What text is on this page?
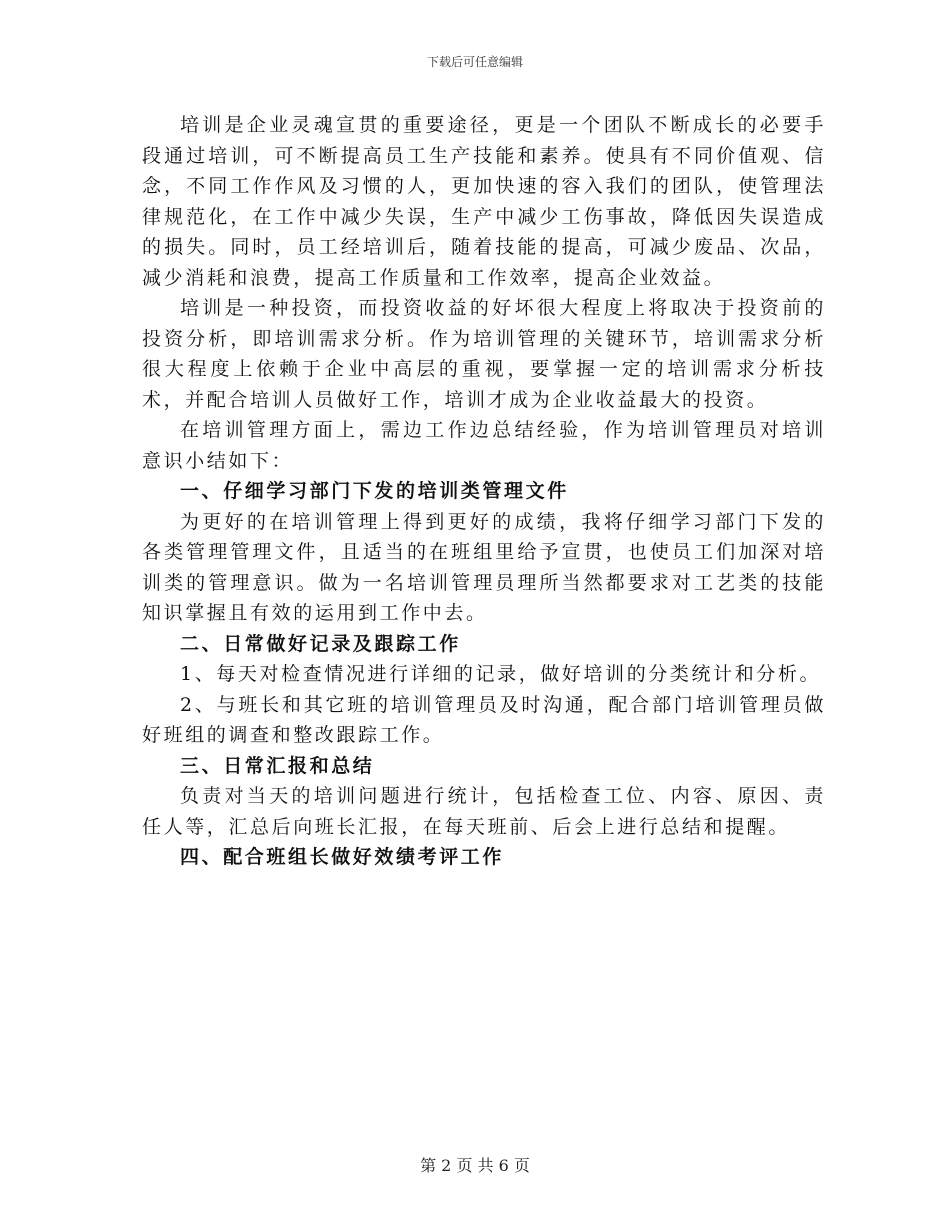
下载后可任意编辑

培训是企业灵魂宣贯的重要途径，更是一个团队不断成长的必要手段通过培训，可不断提高员工生产技能和素养。使具有不同价值观、信念，不同工作作风及习惯的人，更加快速的容入我们的团队，使管理法律规范化，在工作中减少失误，生产中减少工伤事故，降低因失误造成的损失。同时，员工经培训后，随着技能的提高，可减少废品、次品，减少消耗和浪费，提高工作质量和工作效率，提高企业效益。

培训是一种投资，而投资收益的好坏很大程度上将取决于投资前的投资分析，即培训需求分析。作为培训管理的关键环节，培训需求分析很大程度上依赖于企业中高层的重视，要掌握一定的培训需求分析技术，并配合培训人员做好工作，培训才成为企业收益最大的投资。

在培训管理方面上，需边工作边总结经验，作为培训管理员对培训意识小结如下：

一、仔细学习部门下发的培训类管理文件

为更好的在培训管理上得到更好的成绩，我将仔细学习部门下发的各类管理管理文件，且适当的在班组里给予宣贯，也使员工们加深对培训类的管理意识。做为一名培训管理员理所当然都要求对工艺类的技能知识掌握且有效的运用到工作中去。

二、日常做好记录及跟踪工作

1、每天对检查情况进行详细的记录，做好培训的分类统计和分析。

2、与班长和其它班的培训管理员及时沟通，配合部门培训管理员做好班组的调查和整改跟踪工作。

三、日常汇报和总结

负责对当天的培训问题进行统计，包括检查工位、内容、原因、责任人等，汇总后向班长汇报，在每天班前、后会上进行总结和提醒。

四、配合班组长做好效绩考评工作

第 2 页 共 6 页
